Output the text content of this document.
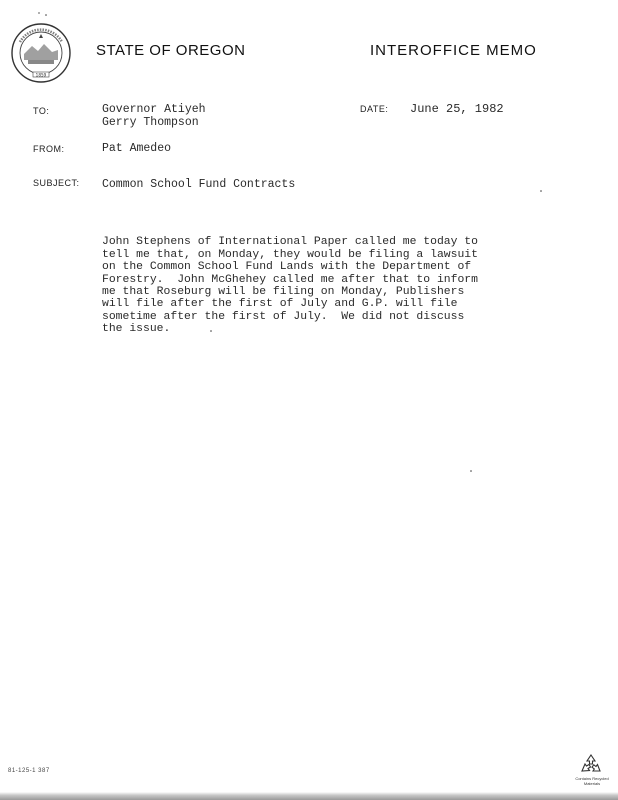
1859
STATE OF OREGON	INTEROFFICE MEMO
TO:	Governor Atiyeh
Gerry Thompson
DATE: June 25, 1982
FROM:	Pat Amedeo
SUBJECT: Common School Fund Contracts

John Stephens of International Paper called me today to
tell me that, on Monday, they would be filing a lawsuit
on the Common School Fund Lands with the Department of
Forestry.  John McGhehey called me after that to inform
me that Roseburg will be filing on Monday, Publishers
will file after the first of July and G.P. will file
sometime after the first of July.  We did not discuss
the issue.

81-125-1 387
Contains Recycled Materials
